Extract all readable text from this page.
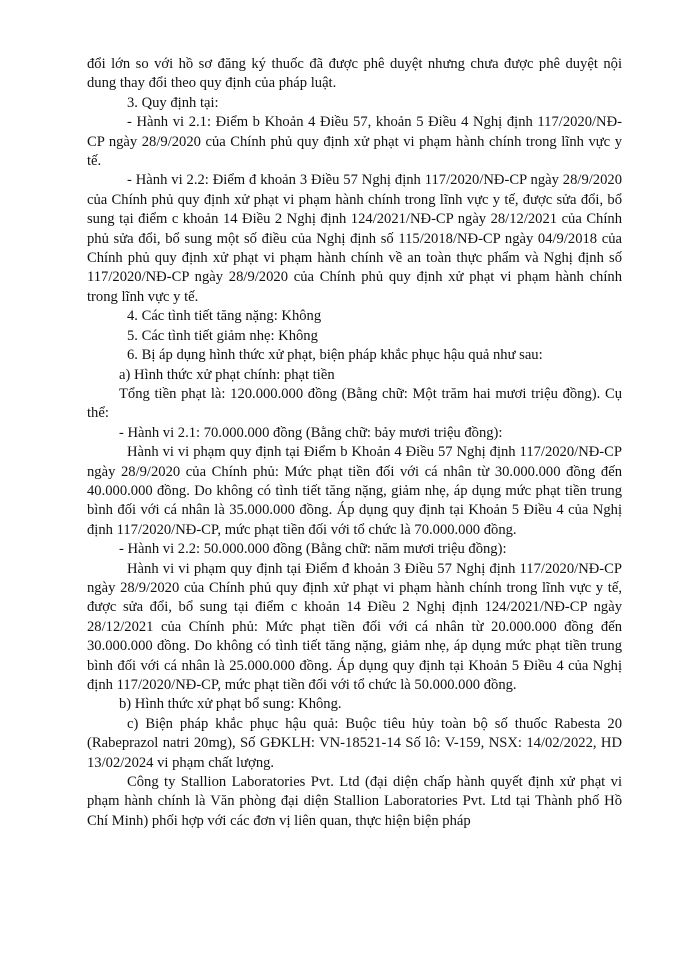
đổi lớn so với hồ sơ đăng ký thuốc đã được phê duyệt nhưng chưa được phê duyệt nội dung thay đổi theo quy định của pháp luật.

3. Quy định tại:

- Hành vi 2.1: Điểm b Khoản 4 Điều 57, khoản 5 Điều 4 Nghị định 117/2020/NĐ-CP ngày 28/9/2020 của Chính phủ quy định xử phạt vi phạm hành chính trong lĩnh vực y tế.

- Hành vi 2.2: Điểm đ khoản 3 Điều 57 Nghị định 117/2020/NĐ-CP ngày 28/9/2020 của Chính phủ quy định xử phạt vi phạm hành chính trong lĩnh vực y tế, được sửa đổi, bổ sung tại điểm c khoản 14 Điều 2 Nghị định 124/2021/NĐ-CP ngày 28/12/2021 của Chính phủ sửa đổi, bổ sung một số điều của Nghị định số 115/2018/NĐ-CP ngày 04/9/2018 của Chính phủ quy định xử phạt vi phạm hành chính về an toàn thực phẩm và Nghị định số 117/2020/NĐ-CP ngày 28/9/2020 của Chính phủ quy định xử phạt vi phạm hành chính trong lĩnh vực y tế.

4. Các tình tiết tăng nặng: Không

5. Các tình tiết giảm nhẹ: Không

6. Bị áp dụng hình thức xử phạt, biện pháp khắc phục hậu quả như sau:

a) Hình thức xử phạt chính: phạt tiền

Tổng tiền phạt là: 120.000.000 đồng (Bằng chữ: Một trăm hai mươi triệu đồng). Cụ thể:

- Hành vi 2.1: 70.000.000 đồng (Bằng chữ: bảy mươi triệu đồng):

Hành vi vi phạm quy định tại Điểm b Khoản 4 Điều 57 Nghị định 117/2020/NĐ-CP ngày 28/9/2020 của Chính phủ: Mức phạt tiền đối với cá nhân từ 30.000.000 đồng đến 40.000.000 đồng. Do không có tình tiết tăng nặng, giảm nhẹ, áp dụng mức phạt tiền trung bình đối với cá nhân là 35.000.000 đồng. Áp dụng quy định tại Khoản 5 Điều 4 của Nghị định 117/2020/NĐ-CP, mức phạt tiền đối với tổ chức là 70.000.000 đồng.

- Hành vi 2.2: 50.000.000 đồng (Bằng chữ: năm mươi triệu đồng):

Hành vi vi phạm quy định tại Điểm đ khoản 3 Điều 57 Nghị định 117/2020/NĐ-CP ngày 28/9/2020 của Chính phủ quy định xử phạt vi phạm hành chính trong lĩnh vực y tế, được sửa đổi, bổ sung tại điểm c khoản 14 Điều 2 Nghị định 124/2021/NĐ-CP ngày 28/12/2021 của Chính phủ: Mức phạt tiền đối với cá nhân từ 20.000.000 đồng đến 30.000.000 đồng. Do không có tình tiết tăng nặng, giảm nhẹ, áp dụng mức phạt tiền trung bình đối với cá nhân là 25.000.000 đồng. Áp dụng quy định tại Khoản 5 Điều 4 của Nghị định 117/2020/NĐ-CP, mức phạt tiền đối với tổ chức là 50.000.000 đồng.

b) Hình thức xử phạt bổ sung: Không.

c) Biện pháp khắc phục hậu quả: Buộc tiêu hủy toàn bộ số thuốc Rabesta 20 (Rabeprazol natri 20mg), Số GĐKLH: VN-18521-14 Số lô: V-159, NSX: 14/02/2022, HD 13/02/2024 vi phạm chất lượng.

Công ty Stallion Laboratories Pvt. Ltd (đại diện chấp hành quyết định xử phạt vi phạm hành chính là Văn phòng đại diện Stallion Laboratories Pvt. Ltd tại Thành phố Hồ Chí Minh) phối hợp với các đơn vị liên quan, thực hiện biện pháp
